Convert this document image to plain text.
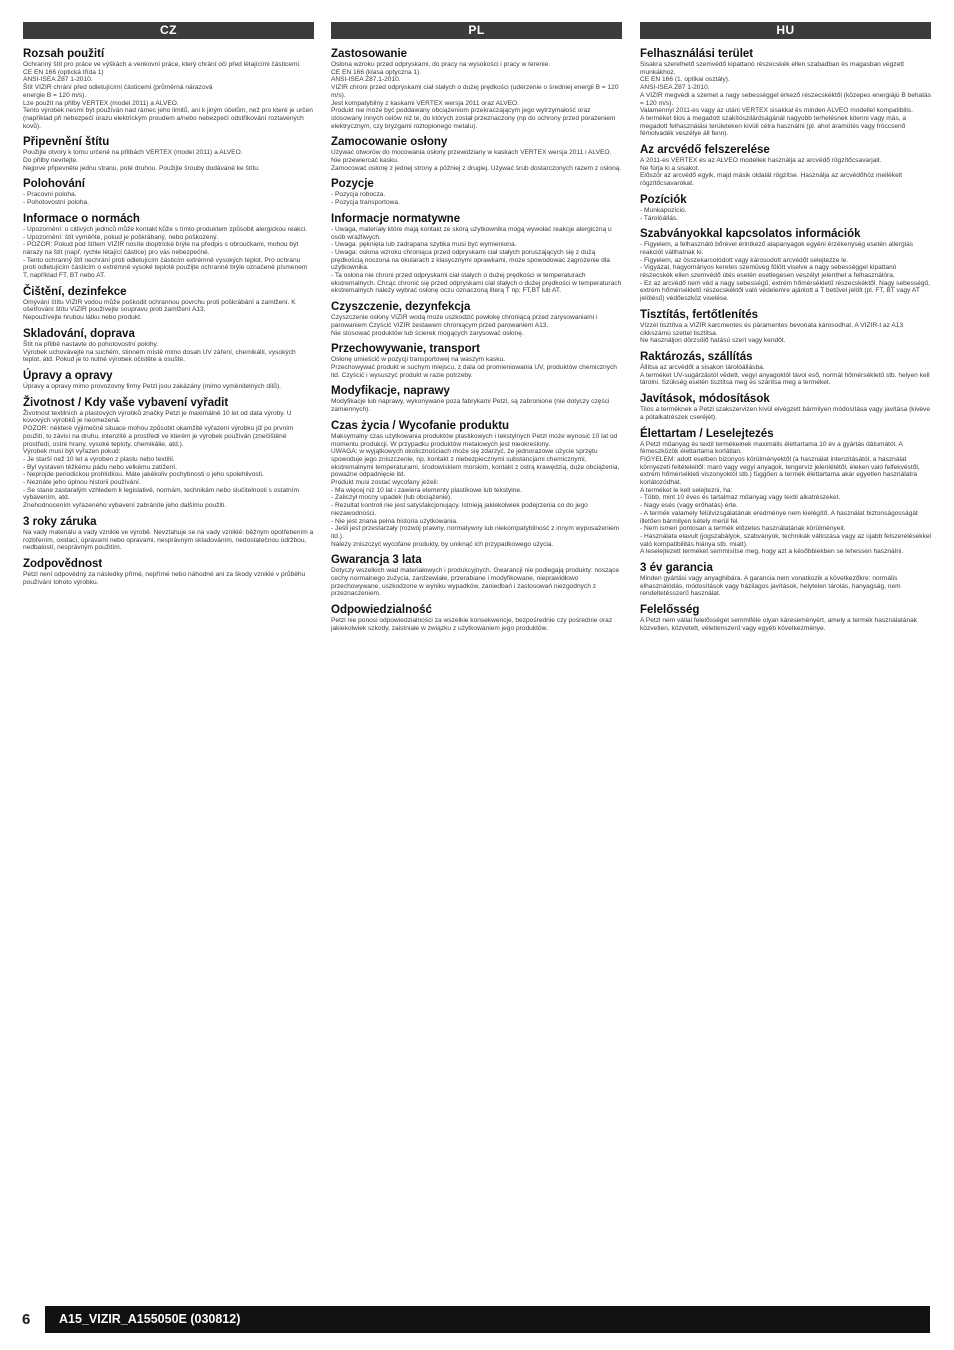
CZ
Rozsah použití

Ochranný štít pro práce ve výškách a venkovní práce, který chrání oči před létajícími částicemi.
CE EN 166 (optická třída 1)
ANSI-ISEA Z87 1-2010.
Štít VIZIR chrání před odletujícími částicemi (průměrná nárazová
energie B = 120 m/s).
Lze použít na přilby VERTEX (model 2011) a ALVEO.
Tento výrobek nesmí být používán nad rámec jeho limitů, ani k jiným účelům, než pro které je určen (například při nebezpečí úrazu elektrickým proudem a/nebo nebezpečí odstřikování roztavených kovů).

Připevnění štítu

Použijte otvory k tomu určené na přilbách VERTEX (model 2011) a ALVEO.
Do přilby nevrtejte.
Nejprve připevněte jednu stranu, poté druhou. Použijte šrouby dodávané ke štítu.

Polohování

- Pracovní poloha.
- Pohotovostní poloha.

Informace o normách

- Upozornění: u citlivých jedinců může kontakt kůže s tímto produktem způsobit alergickou reakci.
- Upozornění: štít vyměňte, pokud je poškrábaný, nebo poškozený.
- POZOR: Pokud pod štítem VIZIR nosíte dioptrické brýle na předpis s obroučkami, mohou být nárazy na štít (např. rychle létající částice) pro vás nebezpečné.
- Tento ochranný štít nechrání proti odletujícím částicím extrémně vysokých teplot. Pro ochranu proti odletujícím částicím o extrémně vysoké teplotě použijte ochranné brýle označené písmenem T, například FT, BT nebo AT.

Čištění, dezinfekce

Omývání štítu VIZIR vodou může poškodit ochrannou povrchu proti poškrábání a zamlžení. K ošetřování štítu VIZIR používejte soupravu proti zamlžení A13.
Nepoužívejte hrubou látku nebo produkt.

Skladování, doprava

Štít na přilbě nastavte do pohotovostní polohy.
Výrobek uchovávejte na suchém, stinném místě mimo dosah UV záření, chemikálií, vysokých teplot, atd. Pokud je to nutné výrobek očistěte a osušte.

Úpravy a opravy

Úpravy a opravy mimo provozovny firmy Petzl jsou zakázány (mimo vyměnitelných dílů).

Životnost / Kdy vaše vybavení vyřadit

Životnost textilních a plastových výrobků značky Petzl je maximálně 10 let od data výroby. U kovových výrobků je neomezená.
POZOR: některé výjimečné situace mohou způsobit okamžité vyřazení výrobku již po prvním použití, to závisí na druhu, intenzitě a prostředí ve kterém je výrobek používán (znečištěné prostředí, ostré hrany, vysoké teploty, chemikálie, atd.).
Výrobek musí být vyřazen pokud:
- Je starší než 10 let a vyroben z plastu nebo textilií.
- Byl vystaven těžkému pádu nebo velkému zatížení.
- Neprojde periodickou prohlídkou. Máte jakékoliv pochybnosti o jeho spolehlivosti.
- Neznáte jeho úplnou historii používání.
- Se stane zastaralým vzhledem k legislativě, normám, technikám nebo slučitelnosti s ostatním vybavením, atd.
Znehodnocením vyřazeného vybavení zabráníte jeho dalšímu použití.

3 roky záruka

Na vady materiálu a vady vzniklé ve výrobě. Nevztahuje se na vady vzniklé: běžným opotřebením a rozbřením, oxidací, úpravami nebo opravami, nesprávným skladováním, nedostatečnou údržbou, nedbalostí, nesprávným použitím.

Zodpovědnost

Petzl není odpovědný za následky přímé, nepřímé nebo náhodné ani za škody vzniklé v průběhu používání tohoto výrobku.

PL
Zastosowanie

Osłona wzroku przed odpryskami, do pracy na wysokości i pracy w terenie.
CE EN 166 (klasa optyczna 1).
ANSI-ISEA Z87.1-2010.
VIZIR chroni przed odpryskami ciał stałych o dużej prędkości (uderzenie o średniej energii B = 120 m/s).
Jest kompatybilny z kaskami VERTEX wersja 2011 oraz ALVEO.
Produkt nie może być poddawany obciążeniom przekraczającym jego wytrzymałość oraz stosowany innych celów niż te, do których został przeznaczony (np do ochrony przed porażeniem elektrycznym, czy bryzgami roztopionego metalu).

Zamocowanie osłony

Używać otworów do mocowania osłony przewidziany w kaskach VERTEX wersja 2011 i ALVEO.
Nie przewiercać kasku.
Zamocować osłonę z jednej strony a później z drugiej. Używać śrub dostarczonych razem z osłoną.

Pozycje

- Pozycja robocza.
- Pozycja transportowa.

Informacje normatywne

- Uwaga, materiały które mają kontakt ze skórą użytkownika mogą wywołać reakcje alergiczną u osób wrażliwych.
- Uwaga: pęknięta lub zadrapana szybka musi być wymieniona.
- Uwaga: osłona wzroku chroniąca przed odpryskami ciał stałych poruszających się z dużą prędkością noszona na okularach z klasycznymi oprawkami, może spowodować zagrożenie dla użytkownika.
- Ta osłona nie chroni przed odpryskami ciał stałych o dużej prędkości w temperaturach ekstremalnych. Chcąc chronić się przed odpryskami ciał stałych o dużej prędkości w temperaturach ekstremalnych należy wybrać osłonę oczu oznaczoną literą T np: FT,BT lub AT.

Czyszczenie, dezynfekcja

Czyszczenie osłony VIZIR wodą może uszkodzić powłokę chroniącą przed zarysowaniami i parowaniem Czyścić VIZIR zestawem chroniącym przed parowaniem A13.
Nie stosować produktów lub ścierek mogących zarysować osłonę.

Przechowywanie, transport

Osłonę umieścić w pozycji transportowej na waszym kasku.
Przechowywać produkt w suchym miejscu, z dala od promieniowania UV, produktów chemicznych itd. Czyścić i wysuszyć produkt w razie potrzeby.

Modyfikacje, naprawy

Modyfikacje lub naprawy, wykonywane poza fabrykami Petzl, są zabronione (nie dotyczy części zamiennych).

Czas życia / Wycofanie produktu

Maksymalny czas użytkowania produktów plastikowych i tekstylnych Petzl może wynosić 10 lat od momentu produkcji. W przypadku produktów metalowych jest nieokreślony.
UWAGA: w wyjątkowych okolicznościach może się zdarzyć, że jednorazowe użycie sprzętu spowoduje jego zniszczenie, np. kontakt z niebezpiecznymi substancjami chemicznymi, ekstremalnymi temperaturami, środowiskiem morskim, kontakt z ostrą krawędzią, duże obciążenia, poważne odpadnięcie itd.
Produkt musi zostać wycofany jeżeli:
- Ma więcej niż 10 lat i zawiera elementy plastikowe lub tekstylne.
- Zaliczył mocny upadek (lub obciążenie).
- Rezultat kontroli nie jest satysfakcjonujący. Istnieją jakiekolwiek podejrzenia co do jego niezawodności.
- Nie jest znana pełna historia użytkowania.
- Jeśli jest przestarzały (rozwój prawny, normatywny lub niekompatybilność z innym wyposażeniem itd.).
Należy zniszczyć wycofane produkty, by uniknąć ich przypadkowego użycia.

Gwarancja 3 lata

Dotyczy wszelkich wad materiałowych i produkcyjnych. Gwarancji nie podlegają produkty: noszące cechy normalnego zużycia, zardzewiałe, przerabiane i modyfikowane, nieprawidłowo przechowywane, uszkodzone w wyniku wypadków, zaniedbań i zastosowań niezgodnych z przeznaczeniem.

Odpowiedzialność

Petzl nie ponosi odpowiedzialności za wszelkie konsekwencje, bezpośrednie czy pośrednie oraz jakiekolwiek szkody, zaistniałe w związku z użytkowaniem jego produktów.

HU
Felhasználási terület

Sisakra szerelhető szemvédő kipattanó részecskék ellen szabadban és magasban végzett munkákhoz.
CE EN 166 (1. optikai osztály).
ANSI-ISEA Z87 1-2010.
A VIZIR megvédi a szemet a nagy sebességgel érkező részecskéktől (közepes energiájú B behatás = 120 m/s).
Valamennyi 2011-es vagy az utáni VERTEX sisakkal és minden ALVEO modellel kompatibilis.
A terméket tilos a megadott szakítószilárdságánál nagyobb terhelésnek kitenni vagy más, a megadott felhasználási területeken kívüli célra használni (pl. ahol áramütés vagy fröccsenő fémolvadék veszélye áll fenn).

Az arcvédő felszerelése

A 2011-es VERTEX és az ALVEO modellek használja az arcvédő rögzítőcsavarjait.
Ne fúrja ki a sisakot.
Először az arcvédő egyik, majd másik oldalát rögzítse. Használja az arcvédőhöz mellékelt rögzítőcsavarokat.

Pozíciók

- Munkapozíció.
- Tárolóállás.

Szabványokkal kapcsolatos információk

- Figyelem, a felhasználó bőrével érintkező alapanyagok egyéni érzékenység esetén allergiás reakciót válthatnak ki.
- Figyelem, az összekarcolódott vagy károsodott arcvédőt selejtezze le.
- Vigyázat, hagyományos keretes szemüveg fölött viselve a nagy sebességgel kipattanó részecskék ellen szemvédő útés esetén esetlegesen veszélyt jelenthet a felhasználóra.
- Ez az arcvédő nem véd a nagy sebességű, extrém hőmérsékletű részecskéktől. Nagy sebességű, extrém hőmérsékletű részecskéktől való védelemre ajánlott a T betűvel jelölt (pl. FT, BT vagy AT jelölésű) védőeszköz viselése.

Tisztítás, fertőtlenítés

Vízzel tisztítva a VIZIR karcmentes és páramentes bevonata károsodhat. A VIZIR-t az A13 cikkszámú szettel tisztítsa.
Ne használjon dörzsölő hatású szert vagy kendőt.

Raktározás, szállítás

Állítsa az arcvédőt a sisakon tárolóállásba.
A terméket UV-sugárzástól védett, vegyi anyagoktól távol eső, normál hőmérsékletű stb. helyen kell tárolni. Szükség esetén tisztítsa meg és szárítsa meg a terméket.

Javítások, módosítások

Tilos a terméknek a Petzl szakszervizen kívül elvégzett bármilyen módosítása vagy javítása (kivéve a pótalkatrészek cseréjét).

Élettartam / Leselejtezés

A Petzl műanyag és textil termékeinek maximális élettartama 10 év a gyártás dátumától. A fémeszközök élettartama korlátlan.
FIGYELEM: adott esetben bizonyos körülményektől (a használat intenzitásától, a használat környezeti feltételeitől: maró vagy vegyi anyagok, tengervíz jelenlététől, éleken való felfekvéstől, extrém hőmérsékleti viszonyoktól stb.) függően a termék élettartama akár egyetlen használatra korlátozódhat.
A terméket le kell selejtezni, ha:
- Több, mint 10 éves és tartalmaz műanyag vagy textil alkatrészeket.
- Nagy esés (vagy erőhatás) érte.
- A termék valamely felülvizsgálatának eredménye nem kielégítő. A használat biztonságosságát illetően bármilyen kétely merül fel.
- Nem ismeri pontosan a termék előzetes használatának körülményeit.
- Használata elavult (jogszabályok, szabványok, technikák változása vagy az újabb felszerelésekkel való kompatibilitás hiánya stb. miatt).
A leselejtezett terméket semmisítse meg, hogy azt a későbbiekben se lehessen használni.

3 év garancia

Minden gyártási vagy anyaghibára. A garancia nem vonatkozik a következőkre: normális elhasználódás, módosítások vagy házilagos javítások, helytelen tárolás, hanyagság, nem rendeltetésszerű használat.

Felelősség

A Petzl nem vállal felelősséget semmiféle olyan káreseményért, amely a termék használatának közvetlen, közvetett, véletlenszerű vagy egyéb következménye.

6 A15_VIZIR_A155050E (030812)
